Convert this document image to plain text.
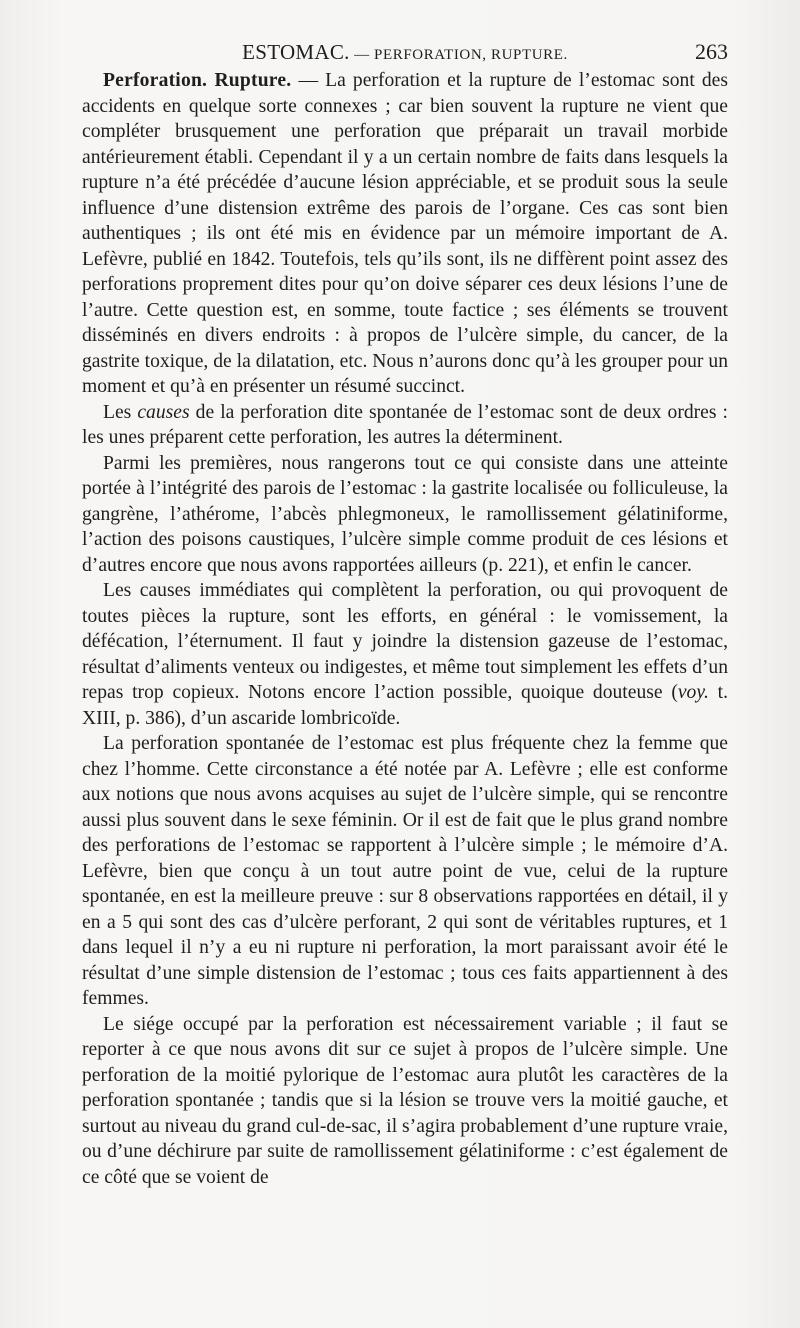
ESTOMAC. — PERFORATION, RUPTURE.	263

Perforation. Rupture. — La perforation et la rupture de l’estomac sont des accidents en quelque sorte connexes ; car bien souvent la rupture ne vient que compléter brusquement une perforation que préparait un travail morbide antérieurement établi. Cependant il y a un certain nombre de faits dans lesquels la rupture n’a été précédée d’aucune lésion appréciable, et se produit sous la seule influence d’une distension extrême des parois de l’organe. Ces cas sont bien authentiques ; ils ont été mis en évidence par un mémoire important de A. Lefèvre, publié en 1842. Toutefois, tels qu’ils sont, ils ne diffèrent point assez des perforations proprement dites pour qu’on doive séparer ces deux lésions l’une de l’autre. Cette question est, en somme, toute factice ; ses éléments se trouvent disséminés en divers endroits : à propos de l’ulcère simple, du cancer, de la gastrite toxique, de la dilatation, etc. Nous n’aurons donc qu’à les grouper pour un moment et qu’à en présenter un résumé succinct.

Les causes de la perforation dite spontanée de l’estomac sont de deux ordres : les unes préparent cette perforation, les autres la déterminent.

Parmi les premières, nous rangerons tout ce qui consiste dans une atteinte portée à l’intégrité des parois de l’estomac : la gastrite localisée ou folliculeuse, la gangrène, l’athérome, l’abcès phlegmoneux, le ramollissement gélatiniforme, l’action des poisons caustiques, l’ulcère simple comme produit de ces lésions et d’autres encore que nous avons rapportées ailleurs (p. 221), et enfin le cancer.

Les causes immédiates qui complètent la perforation, ou qui provoquent de toutes pièces la rupture, sont les efforts, en général : le vomissement, la défécation, l’éternument. Il faut y joindre la distension gazeuse de l’estomac, résultat d’aliments venteux ou indigestes, et même tout simplement les effets d’un repas trop copieux. Notons encore l’action possible, quoique douteuse (voy. t. XIII, p. 386), d’un ascaride lombricoïde.

La perforation spontanée de l’estomac est plus fréquente chez la femme que chez l’homme. Cette circonstance a été notée par A. Lefèvre ; elle est conforme aux notions que nous avons acquises au sujet de l’ulcère simple, qui se rencontre aussi plus souvent dans le sexe féminin. Or il est de fait que le plus grand nombre des perforations de l’estomac se rapportent à l’ulcère simple ; le mémoire d’A. Lefèvre, bien que conçu à un tout autre point de vue, celui de la rupture spontanée, en est la meilleure preuve : sur 8 observations rapportées en détail, il y en a 5 qui sont des cas d’ulcère perforant, 2 qui sont de véritables ruptures, et 1 dans lequel il n’y a eu ni rupture ni perforation, la mort paraissant avoir été le résultat d’une simple distension de l’estomac ; tous ces faits appartiennent à des femmes.

Le siége occupé par la perforation est nécessairement variable ; il faut se reporter à ce que nous avons dit sur ce sujet à propos de l’ulcère simple. Une perforation de la moitié pylorique de l’estomac aura plutôt les caractères de la perforation spontanée ; tandis que si la lésion se trouve vers la moitié gauche, et surtout au niveau du grand cul-de-sac, il s’agira probablement d’une rupture vraie, ou d’une déchirure par suite de ramollissement gélatiniforme : c’est également de ce côté que se voient de
